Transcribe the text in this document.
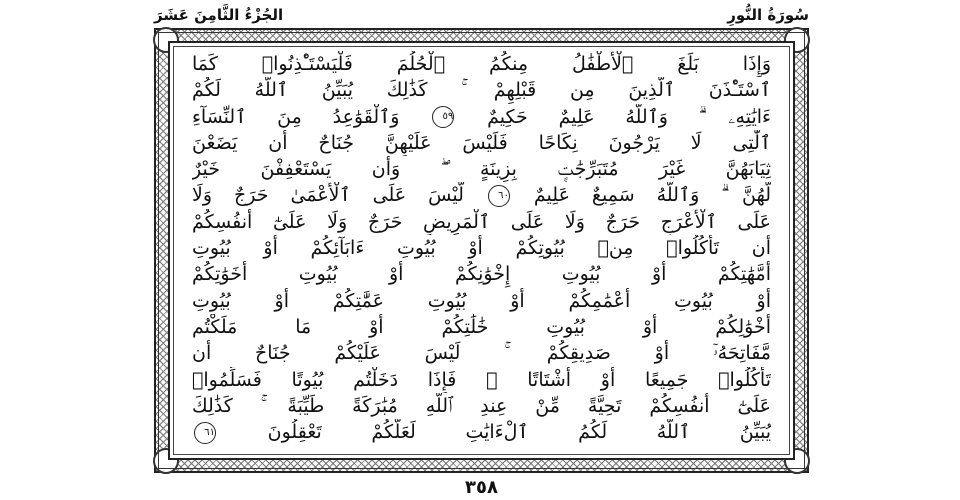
سُورَةُ النُّورِ
الجُزْءُ الثَّامِنَ عَشَرَ
وَإِذَا بَلَغَ ٱلْأَطْفَٰلُ مِنكُمُ ٱلْحُلُمَ فَلْيَسْتَـْٔذِنُوا۟ كَمَا
ٱسْتَـْٔذَنَ ٱلَّذِينَ مِن قَبْلِهِمْ ۚ كَذَٰلِكَ يُبَيِّنُ ٱللَّهُ لَكُمْ
ءَايَٰتِهِۦ ۗ وَٱللَّهُ عَلِيمٌ حَكِيمٌ ٥٩ وَٱلْقَوَٰعِدُ مِنَ ٱلنِّسَآءِ
ٱلَّٰتِى لَا يَرْجُونَ نِكَاحًا فَلَيْسَ عَلَيْهِنَّ جُنَاحٌ أَن يَضَعْنَ
ثِيَابَهُنَّ غَيْرَ مُتَبَرِّجَٰتٍۭ بِزِينَةٍ ۖ وَأَن يَسْتَعْفِفْنَ خَيْرٌ
لَّهُنَّ ۗ وَٱللَّهُ سَمِيعٌ عَلِيمٌ ٦٠ لَّيْسَ عَلَى ٱلْأَعْمَىٰ حَرَجٌ وَلَا
عَلَى ٱلْأَعْرَجِ حَرَجٌ وَلَا عَلَى ٱلْمَرِيضِ حَرَجٌ وَلَا عَلَىٰٓ أَنفُسِكُمْ
أَن تَأْكُلُوا۟ مِنۢ بُيُوتِكُمْ أَوْ بُيُوتِ ءَابَآئِكُمْ أَوْ بُيُوتِ
أُمَّهَٰتِكُمْ أَوْ بُيُوتِ إِخْوَٰنِكُمْ أَوْ بُيُوتِ أَخَوَٰتِكُمْ
أَوْ بُيُوتِ أَعْمَٰمِكُمْ أَوْ بُيُوتِ عَمَّٰتِكُمْ أَوْ بُيُوتِ
أَخْوَٰلِكُمْ أَوْ بُيُوتِ خَٰلَٰتِكُمْ أَوْ مَا مَلَكْتُم
مَّفَاتِحَهُۥٓ أَوْ صَدِيقِكُمْ ۚ لَيْسَ عَلَيْكُمْ جُنَاحٌ أَن
تَأْكُلُوا۟ جَمِيعًا أَوْ أَشْتَاتًا ۚ فَإِذَا دَخَلْتُم بُيُوتًا فَسَلِّمُوا۟
عَلَىٰٓ أَنفُسِكُمْ تَحِيَّةً مِّنْ عِندِ ٱللَّهِ مُبَٰرَكَةً طَيِّبَةً ۚ كَذَٰلِكَ
يُبَيِّنُ ٱللَّهُ لَكُمُ ٱلْءَايَٰتِ لَعَلَّكُمْ تَعْقِلُونَ ٦١
٣٥٨
